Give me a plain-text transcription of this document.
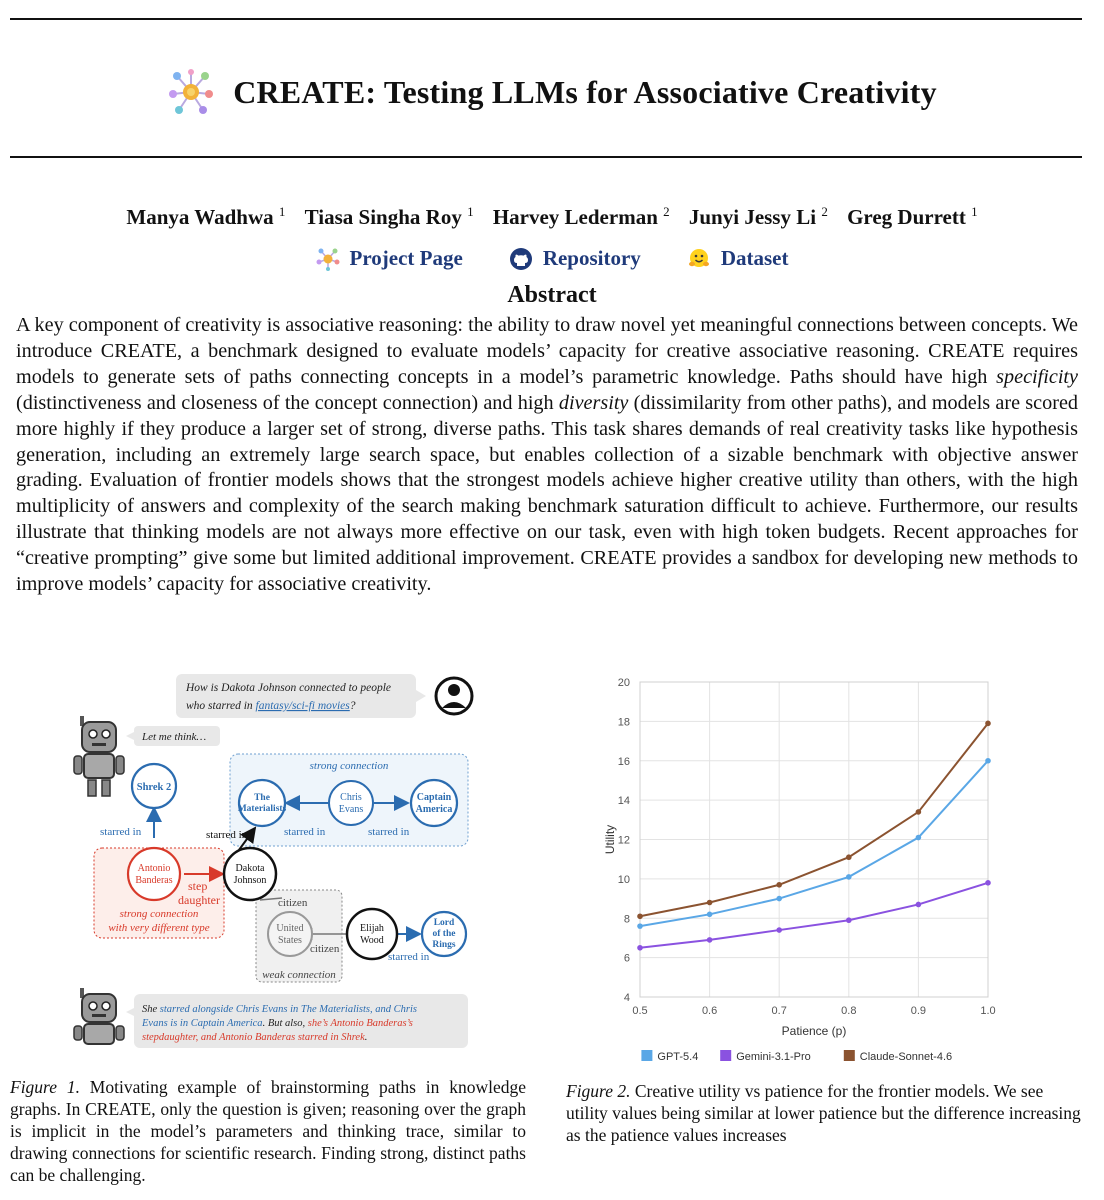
CREATE: Testing LLMs for Associative Creativity
Manya Wadhwa $^1$ Tiasa Singha Roy $^1$ Harvey Lederman $^2$ Junyi Jessy Li $^2$ Greg Durrett $^1$
Project Page	Repository	Dataset
Abstract
A key component of creativity is associative reasoning: the ability to draw novel yet meaningful connections between concepts. We introduce CREATE, a benchmark designed to evaluate models’ capacity for creative associative reasoning. CREATE requires models to generate sets of paths connecting concepts in a model’s parametric knowledge. Paths should have high specificity (distinctiveness and closeness of the concept connection) and high diversity (dissimilarity from other paths), and models are scored more highly if they produce a larger set of strong, diverse paths. This task shares demands of real creativity tasks like hypothesis generation, including an extremely large search space, but enables collection of a sizable benchmark with objective answer grading. Evaluation of frontier models shows that the strongest models achieve higher creative utility than others, with the high multiplicity of answers and complexity of the search making benchmark saturation difficult to achieve. Furthermore, our results illustrate that thinking models are not always more effective on our task, even with high token budgets. Recent approaches for “creative prompting” give some but limited additional improvement. CREATE provides a sandbox for developing new methods to improve models’ capacity for associative creativity.
How is Dakota Johnson connected to people
who starred in fantasy/sci-fi movies?
Let me think…
strong connection
strong connection
with very different type
weak connection
starred in	starred in	starred in	starred in
step
daughter	citizen
citizen
starred in
Shrek 2
The
Materialists
Chris
Evans
Captain
America
Antonio
Banderas
Dakota
Johnson
United
States
Elijah
Wood
Lord
of the
Rings
She starred alongside Chris Evans in The Materialists, and Chris
Evans is in Captain America. But also, she’s Antonio Banderas’s
stepdaughter, and Antonio Banderas starred in Shrek.
4
6
8
10
12
14
16
18
20
0.5	0.6	0.7	0.8	0.9	1.0
Patience (p)
Utility
GPT-5.4	Gemini-3.1-Pro	Claude-Sonnet-4.6
Figure 1. Motivating example of brainstorming paths in knowledge graphs. In CREATE, only the question is given; reasoning over the graph is implicit in the model’s parameters and thinking trace, similar to drawing connections for scientific research. Finding strong, distinct paths can be challenging.
Figure 2. Creative utility vs patience for the frontier models. We see utility values being similar at lower patience but the difference increasing as the patience values increases
